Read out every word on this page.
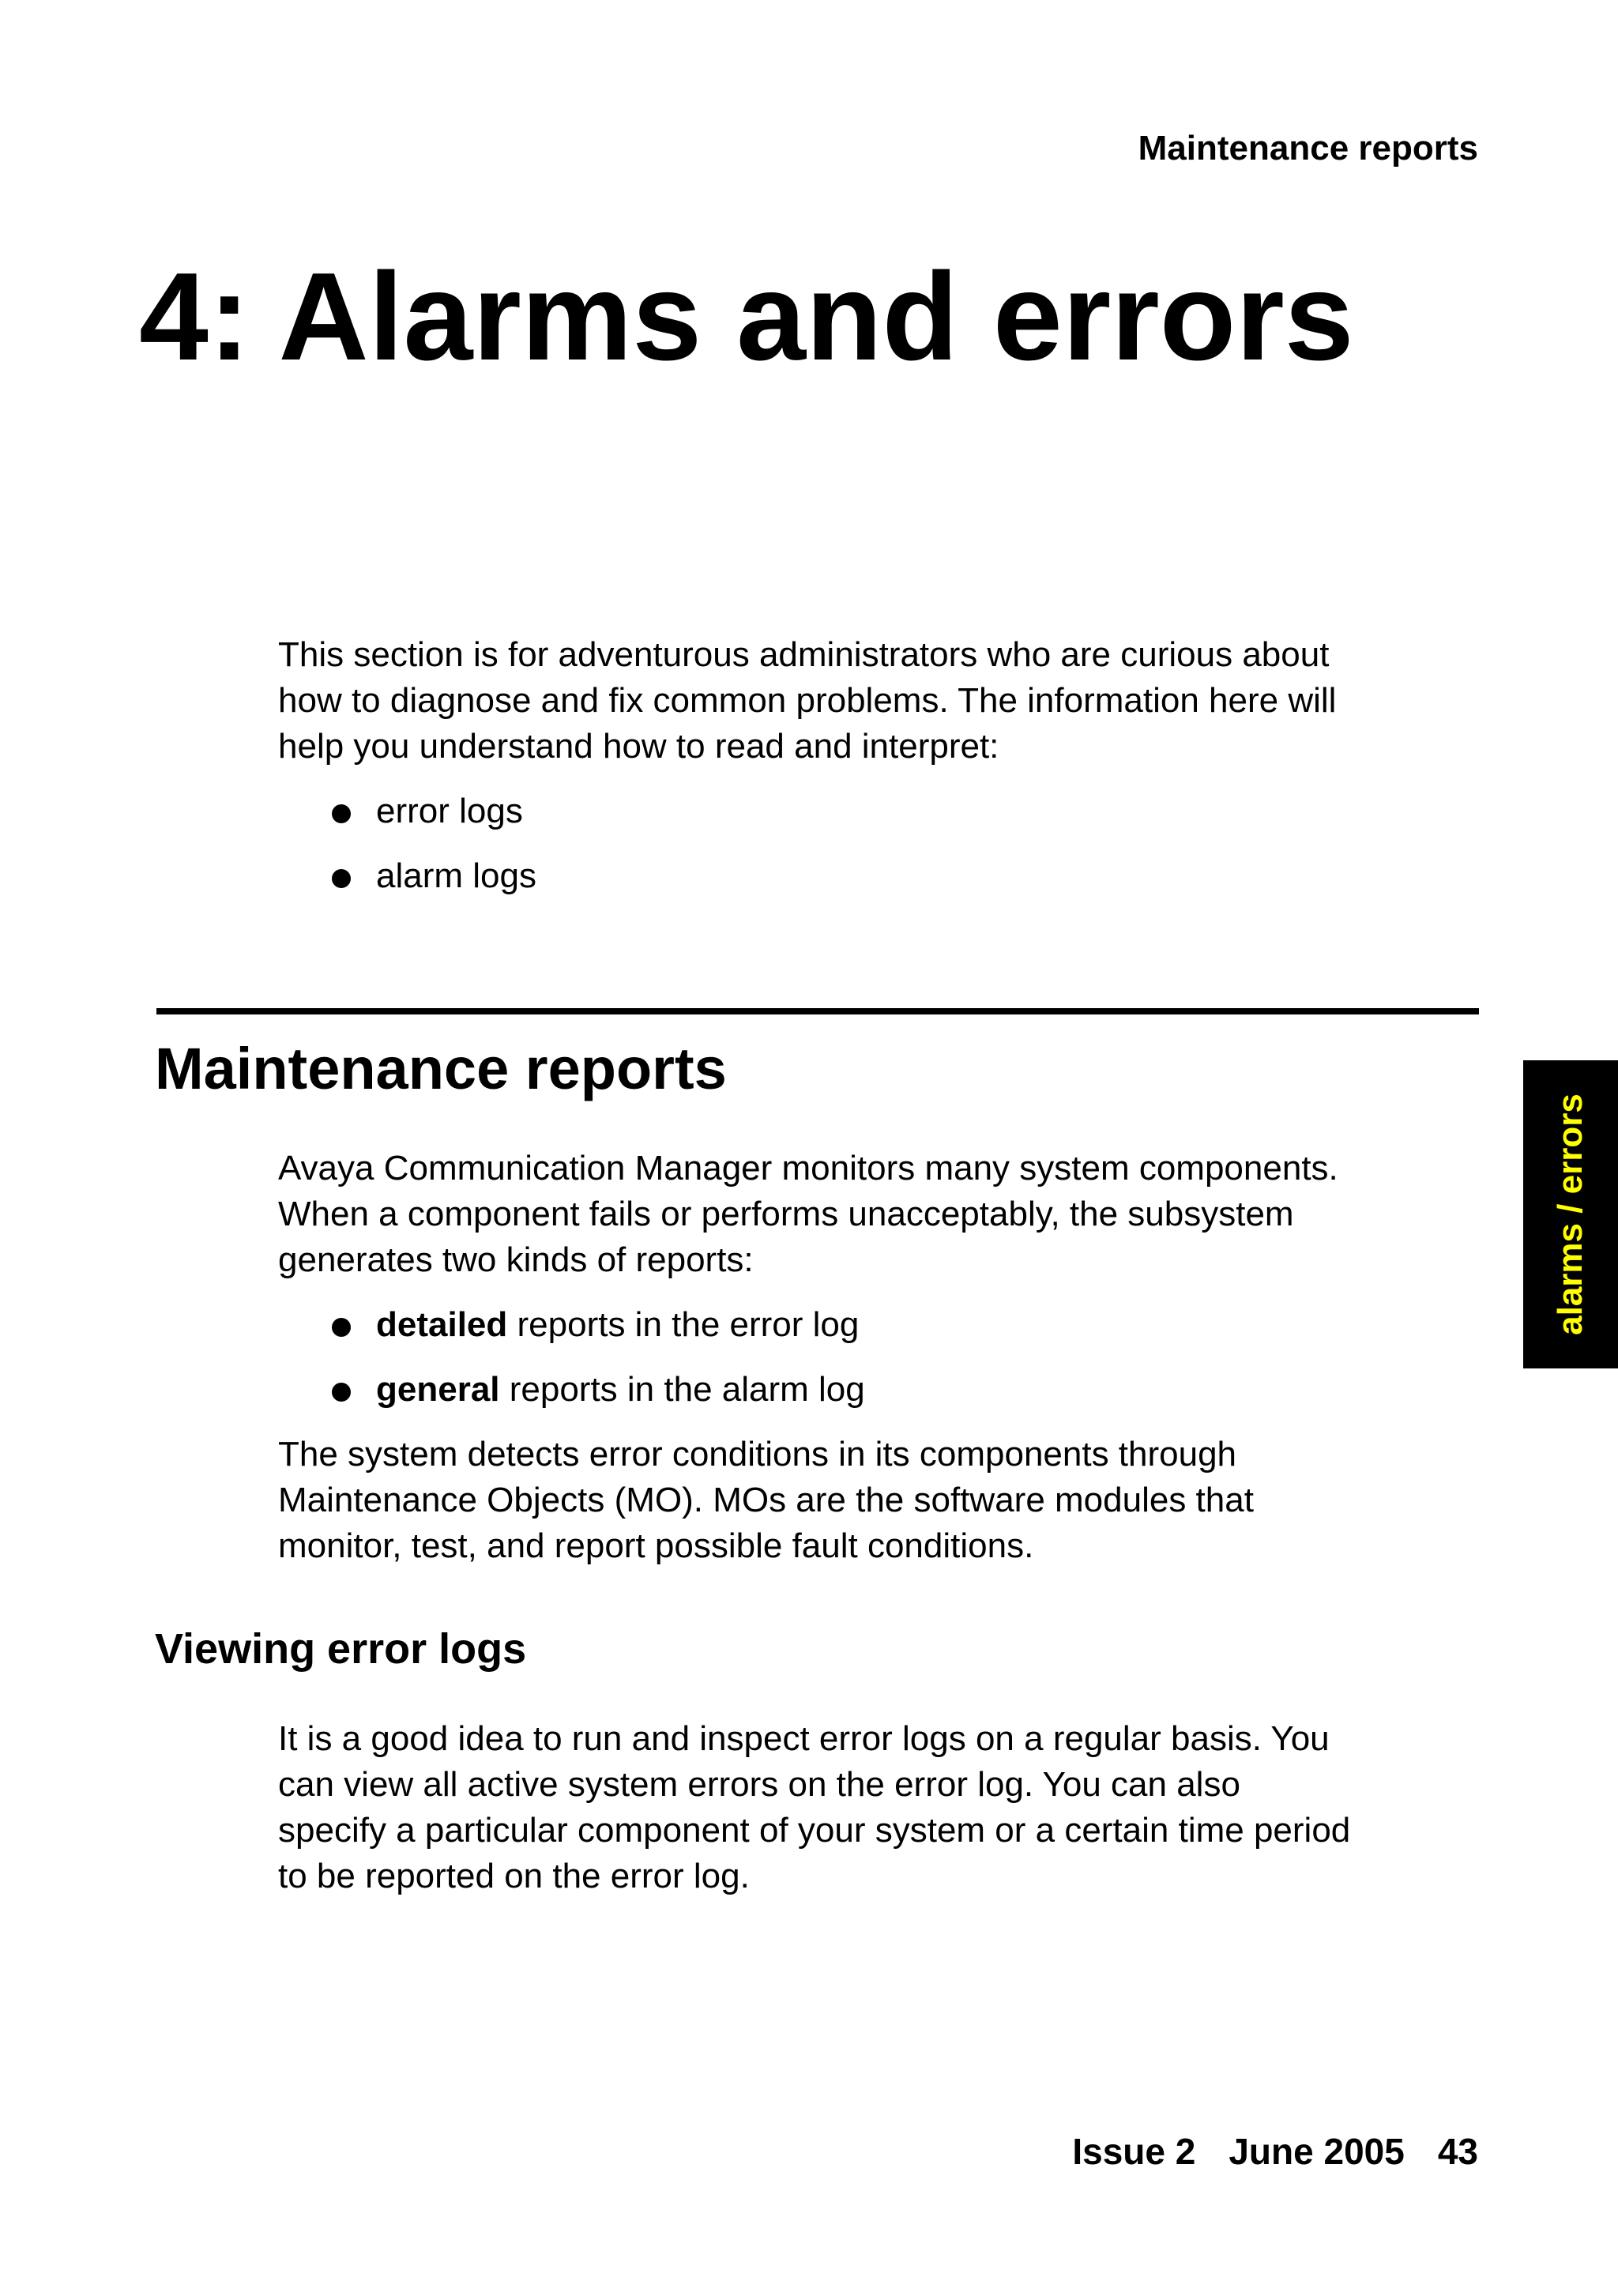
Maintenance reports
4: Alarms and errors

This section is for adventurous administrators who are curious about
how to diagnose and fix common problems. The information here will
help you understand how to read and interpret:

error logs
alarm logs
Maintenance reports

Avaya Communication Manager monitors many system components.
When a component fails or performs unacceptably, the subsystem
generates two kinds of reports:

detailed reports in the error log
general reports in the alarm log

The system detects error conditions in its components through
Maintenance Objects (MO). MOs are the software modules that
monitor, test, and report possible fault conditions.

Viewing error logs

It is a good idea to run and inspect error logs on a regular basis. You
can view all active system errors on the error log. You can also
specify a particular component of your system or a certain time period
to be reported on the error log.

alarms / errors
Issue 2 June 2005 43
